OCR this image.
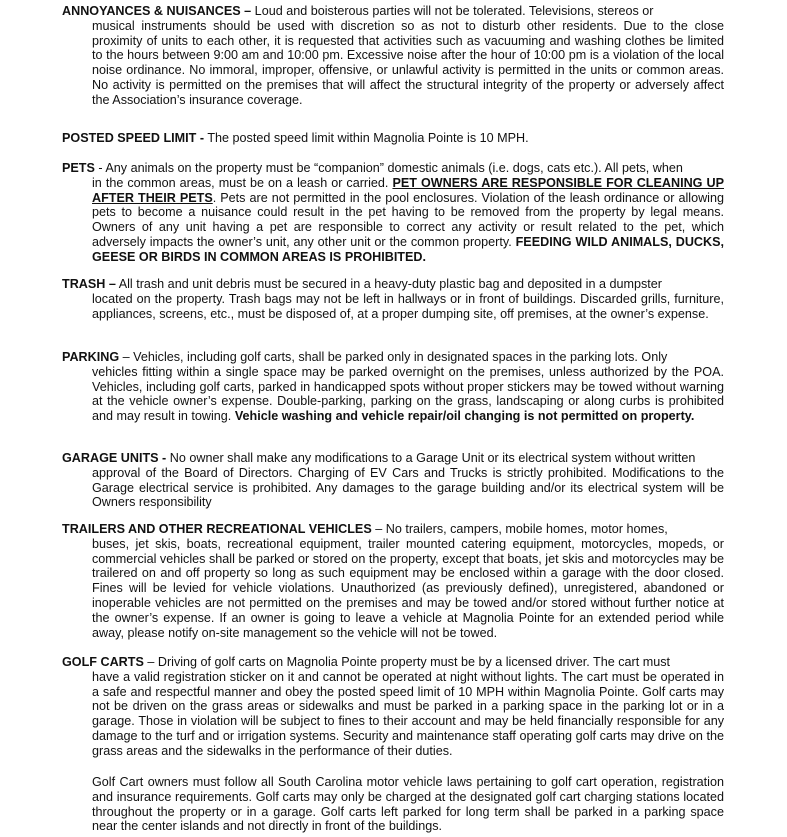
ANNOYANCES & NUISANCES – Loud and boisterous parties will not be tolerated. Televisions, stereos or
musical instruments should be used with discretion so as not to disturb other residents. Due to the close proximity of units to each other, it is requested that activities such as vacuuming and washing clothes be limited to the hours between 9:00 am and 10:00 pm. Excessive noise after the hour of 10:00 pm is a violation of the local noise ordinance. No immoral, improper, offensive, or unlawful activity is permitted in the units or common areas. No activity is permitted on the premises that will affect the structural integrity of the property or adversely affect the Association’s insurance coverage.
POSTED SPEED LIMIT - The posted speed limit within Magnolia Pointe is 10 MPH.
PETS - Any animals on the property must be “companion” domestic animals (i.e. dogs, cats etc.). All pets, when
in the common areas, must be on a leash or carried. PET OWNERS ARE RESPONSIBLE FOR CLEANING UP AFTER THEIR PETS. Pets are not permitted in the pool enclosures. Violation of the leash ordinance or allowing pets to become a nuisance could result in the pet having to be removed from the property by legal means. Owners of any unit having a pet are responsible to correct any activity or result related to the pet, which adversely impacts the owner’s unit, any other unit or the common property. FEEDING WILD ANIMALS, DUCKS, GEESE OR BIRDS IN COMMON AREAS IS PROHIBITED.
TRASH – All trash and unit debris must be secured in a heavy-duty plastic bag and deposited in a dumpster
located on the property. Trash bags may not be left in hallways or in front of buildings. Discarded grills, furniture, appliances, screens, etc., must be disposed of, at a proper dumping site, off premises, at the owner’s expense.
PARKING – Vehicles, including golf carts, shall be parked only in designated spaces in the parking lots. Only
vehicles fitting within a single space may be parked overnight on the premises, unless authorized by the POA. Vehicles, including golf carts, parked in handicapped spots without proper stickers may be towed without warning at the vehicle owner’s expense. Double-parking, parking on the grass, landscaping or along curbs is prohibited and may result in towing. Vehicle washing and vehicle repair/oil changing is not permitted on property.
GARAGE UNITS - No owner shall make any modifications to a Garage Unit or its electrical system without written
approval of the Board of Directors. Charging of EV Cars and Trucks is strictly prohibited. Modifications to the Garage electrical service is prohibited. Any damages to the garage building and/or its electrical system will be Owners responsibility
TRAILERS AND OTHER RECREATIONAL VEHICLES – No trailers, campers, mobile homes, motor homes,
buses, jet skis, boats, recreational equipment, trailer mounted catering equipment, motorcycles, mopeds, or commercial vehicles shall be parked or stored on the property, except that boats, jet skis and motorcycles may be trailered on and off property so long as such equipment may be enclosed within a garage with the door closed. Fines will be levied for vehicle violations. Unauthorized (as previously defined), unregistered, abandoned or inoperable vehicles are not permitted on the premises and may be towed and/or stored without further notice at the owner’s expense. If an owner is going to leave a vehicle at Magnolia Pointe for an extended period while away, please notify on-site management so the vehicle will not be towed.
GOLF CARTS – Driving of golf carts on Magnolia Pointe property must be by a licensed driver. The cart must
have a valid registration sticker on it and cannot be operated at night without lights. The cart must be operated in a safe and respectful manner and obey the posted speed limit of 10 MPH within Magnolia Pointe. Golf carts may not be driven on the grass areas or sidewalks and must be parked in a parking space in the parking lot or in a garage. Those in violation will be subject to fines to their account and may be held financially responsible for any damage to the turf and or irrigation systems. Security and maintenance staff operating golf carts may drive on the grass areas and the sidewalks in the performance of their duties.
Golf Cart owners must follow all South Carolina motor vehicle laws pertaining to golf cart operation, registration and insurance requirements. Golf carts may only be charged at the designated golf cart charging stations located throughout the property or in a garage. Golf carts left parked for long term shall be parked in a parking space near the center islands and not directly in front of the buildings.
